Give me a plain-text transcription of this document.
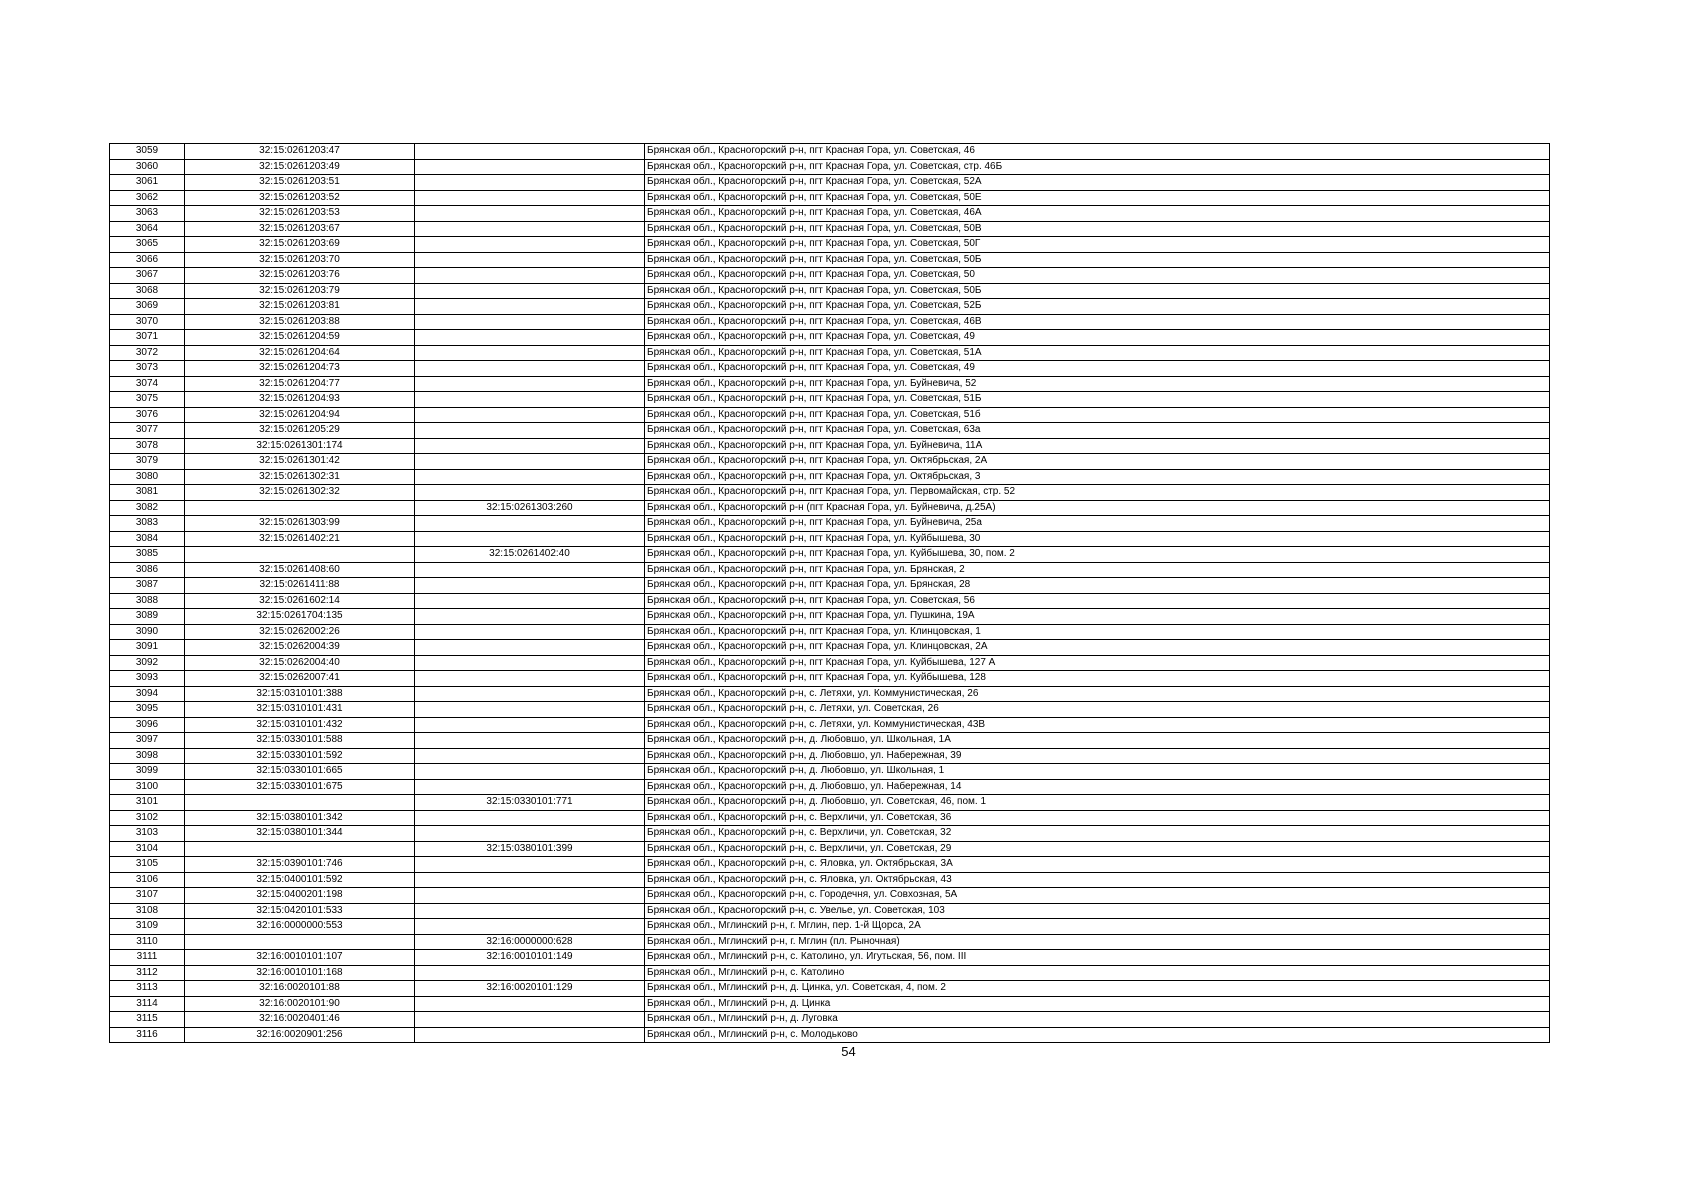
3059	32:15:0261203:47		Брянская обл., Красногорский р-н, пгт Красная Гора, ул. Советская, 46
3060	32:15:0261203:49		Брянская обл., Красногорский р-н, пгт Красная Гора, ул. Советская, стр. 46Б
3061	32:15:0261203:51		Брянская обл., Красногорский р-н, пгт Красная Гора, ул. Советская, 52А
3062	32:15:0261203:52		Брянская обл., Красногорский р-н, пгт Красная Гора, ул. Советская, 50Е
3063	32:15:0261203:53		Брянская обл., Красногорский р-н, пгт Красная Гора, ул. Советская, 46А
3064	32:15:0261203:67		Брянская обл., Красногорский р-н, пгт Красная Гора, ул. Советская, 50В
3065	32:15:0261203:69		Брянская обл., Красногорский р-н, пгт Красная Гора, ул. Советская, 50Г
3066	32:15:0261203:70		Брянская обл., Красногорский р-н, пгт Красная Гора, ул. Советская, 50Б
3067	32:15:0261203:76		Брянская обл., Красногорский р-н, пгт Красная Гора, ул. Советская, 50
3068	32:15:0261203:79		Брянская обл., Красногорский р-н, пгт Красная Гора, ул. Советская, 50Б
3069	32:15:0261203:81		Брянская обл., Красногорский р-н, пгт Красная Гора, ул. Советская, 52Б
3070	32:15:0261203:88		Брянская обл., Красногорский р-н, пгт Красная Гора, ул. Советская, 46В
3071	32:15:0261204:59		Брянская обл., Красногорский р-н, пгт Красная Гора, ул. Советская, 49
3072	32:15:0261204:64		Брянская обл., Красногорский р-н, пгт Красная Гора, ул. Советская, 51А
3073	32:15:0261204:73		Брянская обл., Красногорский р-н, пгт Красная Гора, ул. Советская, 49
3074	32:15:0261204:77		Брянская обл., Красногорский р-н, пгт Красная Гора, ул. Буйневича, 52
3075	32:15:0261204:93		Брянская обл., Красногорский р-н, пгт Красная Гора, ул. Советская, 51Б
3076	32:15:0261204:94		Брянская обл., Красногорский р-н, пгт Красная Гора, ул. Советская, 51б
3077	32:15:0261205:29		Брянская обл., Красногорский р-н, пгт Красная Гора, ул. Советская, 63а
3078	32:15:0261301:174		Брянская обл., Красногорский р-н, пгт Красная Гора, ул. Буйневича, 11А
3079	32:15:0261301:42		Брянская обл., Красногорский р-н, пгт Красная Гора, ул. Октябрьская, 2А
3080	32:15:0261302:31		Брянская обл., Красногорский р-н, пгт Красная Гора, ул. Октябрьская, 3
3081	32:15:0261302:32		Брянская обл., Красногорский р-н, пгт Красная Гора, ул. Первомайская, стр. 52
3082		32:15:0261303:260	Брянская обл., Красногорский р-н (пгт Красная Гора, ул. Буйневича, д.25А)
3083	32:15:0261303:99		Брянская обл., Красногорский р-н, пгт Красная Гора, ул. Буйневича, 25а
3084	32:15:0261402:21		Брянская обл., Красногорский р-н, пгт Красная Гора, ул. Куйбышева, 30
3085		32:15:0261402:40	Брянская обл., Красногорский р-н, пгт Красная Гора, ул. Куйбышева, 30, пом. 2
3086	32:15:0261408:60		Брянская обл., Красногорский р-н, пгт Красная Гора, ул. Брянская, 2
3087	32:15:0261411:88		Брянская обл., Красногорский р-н, пгт Красная Гора, ул. Брянская, 28
3088	32:15:0261602:14		Брянская обл., Красногорский р-н, пгт Красная Гора, ул. Советская, 56
3089	32:15:0261704:135		Брянская обл., Красногорский р-н, пгт Красная Гора, ул. Пушкина, 19А
3090	32:15:0262002:26		Брянская обл., Красногорский р-н, пгт Красная Гора, ул. Клинцовская, 1
3091	32:15:0262004:39		Брянская обл., Красногорский р-н, пгт Красная Гора, ул. Клинцовская, 2А
3092	32:15:0262004:40		Брянская обл., Красногорский р-н, пгт Красная Гора, ул. Куйбышева, 127 А
3093	32:15:0262007:41		Брянская обл., Красногорский р-н, пгт Красная Гора, ул. Куйбышева, 128
3094	32:15:0310101:388		Брянская обл., Красногорский р-н, с. Летяхи, ул. Коммунистическая, 26
3095	32:15:0310101:431		Брянская обл., Красногорский р-н, с. Летяхи, ул. Советская, 26
3096	32:15:0310101:432		Брянская обл., Красногорский р-н, с. Летяхи, ул. Коммунистическая, 43В
3097	32:15:0330101:588		Брянская обл., Красногорский р-н, д. Любовшо, ул. Школьная, 1А
3098	32:15:0330101:592		Брянская обл., Красногорский р-н, д. Любовшо, ул. Набережная, 39
3099	32:15:0330101:665		Брянская обл., Красногорский р-н, д. Любовшо, ул. Школьная, 1
3100	32:15:0330101:675		Брянская обл., Красногорский р-н, д. Любовшо, ул. Набережная, 14
3101		32:15:0330101:771	Брянская обл., Красногорский р-н, д. Любовшо, ул. Советская, 46, пом. 1
3102	32:15:0380101:342		Брянская обл., Красногорский р-н, с. Верхличи, ул. Советская, 36
3103	32:15:0380101:344		Брянская обл., Красногорский р-н, с. Верхличи, ул. Советская, 32
3104		32:15:0380101:399	Брянская обл., Красногорский р-н, с. Верхличи, ул. Советская, 29
3105	32:15:0390101:746		Брянская обл., Красногорский р-н, с. Яловка, ул. Октябрьская, 3А
3106	32:15:0400101:592		Брянская обл., Красногорский р-н, с. Яловка, ул. Октябрьская, 43
3107	32:15:0400201:198		Брянская обл., Красногорский р-н, с. Городечня, ул. Совхозная, 5А
3108	32:15:0420101:533		Брянская обл., Красногорский р-н, с. Увелье, ул. Советская, 103
3109	32:16:0000000:553		Брянская обл., Мглинский р-н, г. Мглин, пер. 1-й Щорса, 2А
3110		32:16:0000000:628	Брянская обл., Мглинский р-н, г. Мглин (пл. Рыночная)
3111	32:16:0010101:107	32:16:0010101:149	Брянская обл., Мглинский р-н, с. Католино, ул. Игутьская, 56, пом. III
3112	32:16:0010101:168		Брянская обл., Мглинский р-н, с. Католино
3113	32:16:0020101:88	32:16:0020101:129	Брянская обл., Мглинский р-н, д. Цинка, ул. Советская, 4, пом. 2
3114	32:16:0020101:90		Брянская обл., Мглинский р-н, д. Цинка
3115	32:16:0020401:46		Брянская обл., Мглинский р-н, д. Луговка
3116	32:16:0020901:256		Брянская обл., Мглинский р-н, с. Молодьково
54
